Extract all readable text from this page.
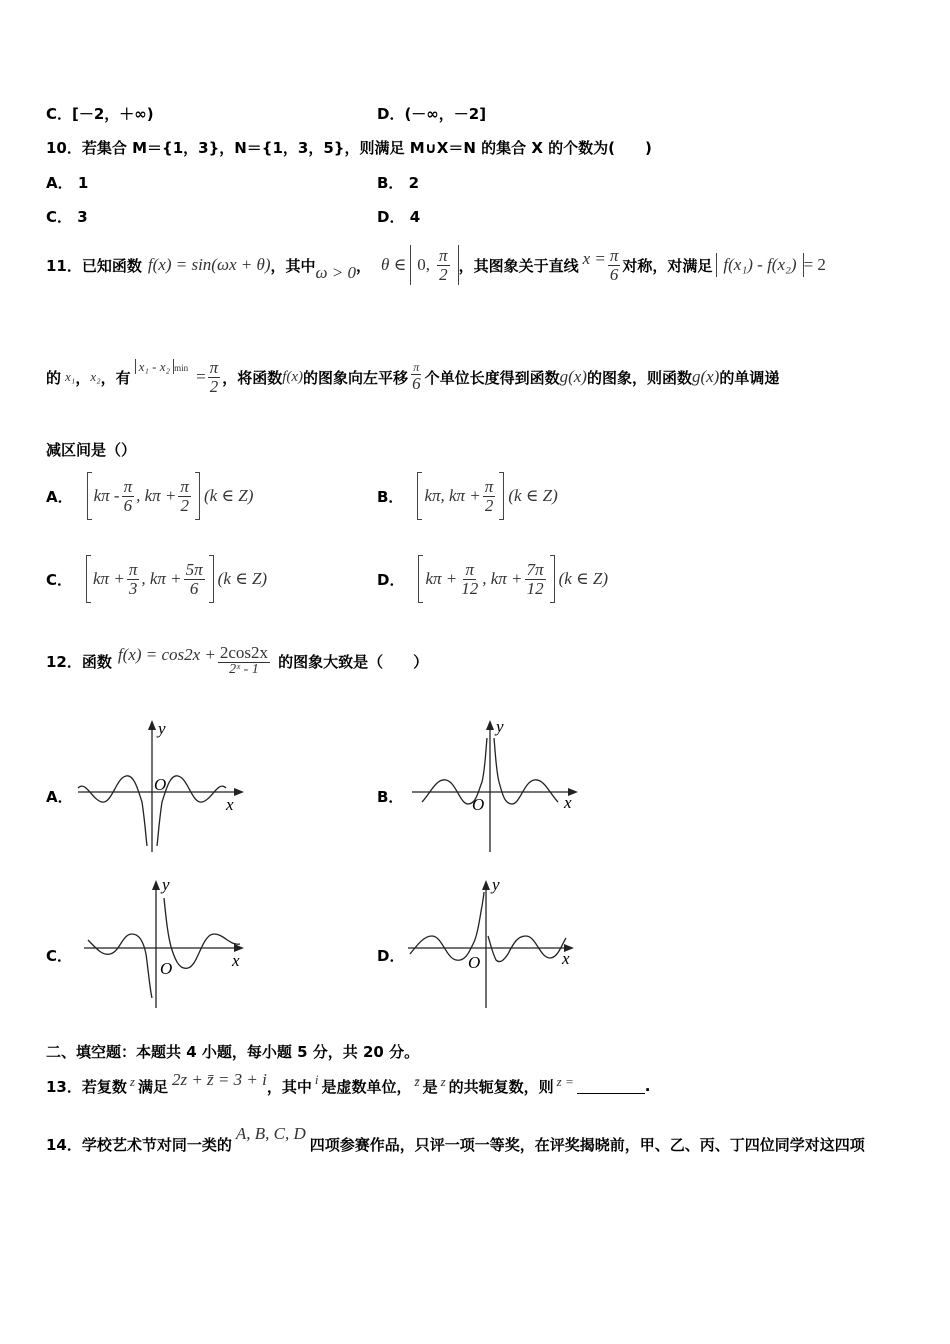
C．[－2，＋∞)	D．(－∞，－2]
10．若集合 M＝{1，3}，N＝{1，3，5}，则满足 M∪X＝N 的集合 X 的个数为(　　)
A． 1	B． 2
C． 3	D． 4
11． 已知函数 f(x) = sin(ωx + θ) ，其中 ω > 0 ， θ ∈ 0, $\frac{\pi}{2}$ ，其图象关于直线 $x = \frac{\pi}{6}$ 对称，对满足 f(x₁) - f(x₂) = 2
的 x₁ ， x₂ ，有
x₁ - x₂ $\min = \frac{\pi}{2}$ ，将函数 f(x) 的图象向左平移 $\frac{\pi}{6}$ 个单位长度得到函数 g(x) 的图象，则函数 g(x) 的单调递
减区间是（）
A． kπ - $\frac{\pi}{6}$ , $k\pi + \frac{\pi}{2} (k$ ∈ Z)	B． kπ, $k\pi + \frac{\pi}{2} (k$ ∈ Z)
C． $k\pi + \frac{\pi}{3}$ , $k\pi + \frac{5\pi}{6} (k$ ∈ Z)	D． $k\pi + \frac{\pi}{12}$ , $k\pi + \frac{7\pi}{12} (k$ ∈ Z)
12． 函数 $f(x) = \cos 2x + \frac{2\cos 2x}{\text{2ˣ - 1}}$ 的图象大致是（　　）
A．	B．
C．	D．
y
x
O
y
x
O
y
x
O
y
x
O
二、填空题：本题共 4 小题，每小题 5 分，共 20 分。
13． 若复数 z 满足 2z + z̄ = 3 + i ，其中 i 是虚数单位， z̄ 是 z 的共轭复数，则 z =	.
14． 学校艺术节对同一类的
A, B, C, D
四项参赛作品，只评一项一等奖，在评奖揭晓前，甲、乙、丙、丁四位同学对这四项
